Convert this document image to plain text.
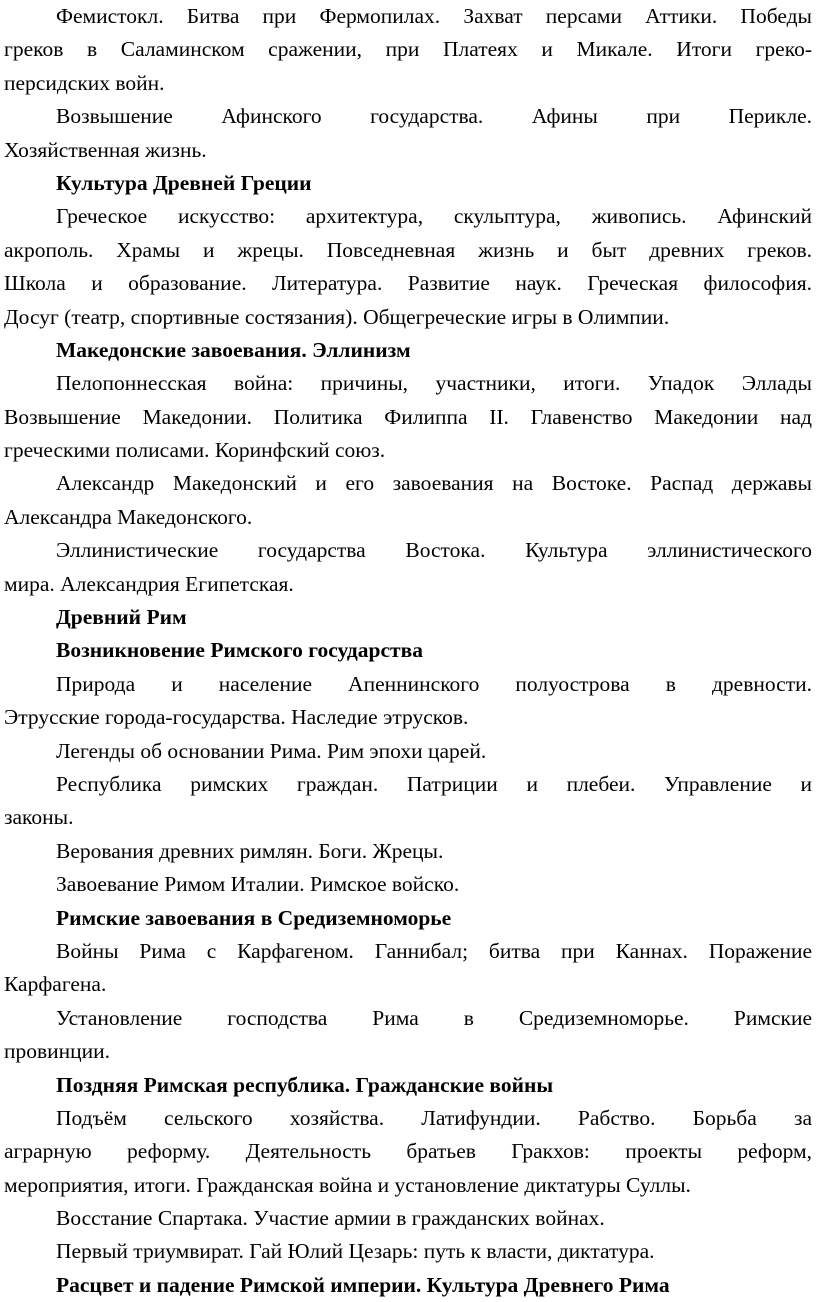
Фемистокл. Битва при Фермопилах. Захват персами Аттики. Победы
греков в Саламинском сражении, при Платеях и Микале. Итоги греко-
персидских войн.
Возвышение Афинского государства. Афины при Перикле.
Хозяйственная жизнь.
Культура Древней Греции
Греческое искусство: архитектура, скульптура, живопись. Афинский
акрополь. Храмы и жрецы. Повседневная жизнь и быт древних греков.
Школа и образование. Литература. Развитие наук. Греческая философия.
Досуг (театр, спортивные состязания). Общегреческие игры в Олимпии.
Македонские завоевания. Эллинизм
Пелопоннесская война: причины, участники, итоги. Упадок Эллады
Возвышение Македонии. Политика Филиппа II. Главенство Македонии над
греческими полисами. Коринфский союз.
Александр Македонский и его завоевания на Востоке. Распад державы
Александра Македонского.
Эллинистические государства Востока. Культура эллинистического
мира. Александрия Египетская.
Древний Рим
Возникновение Римского государства
Природа и население Апеннинского полуострова в древности.
Этрусские города-государства. Наследие этрусков.
Легенды об основании Рима. Рим эпохи царей.
Республика римских граждан. Патриции и плебеи. Управление и
законы.
Верования древних римлян. Боги. Жрецы.
Завоевание Римом Италии. Римское войско.
Римские завоевания в Средиземноморье
Войны Рима с Карфагеном. Ганнибал; битва при Каннах. Поражение
Карфагена.
Установление господства Рима в Средиземноморье. Римские
провинции.
Поздняя Римская республика. Гражданские войны
Подъём сельского хозяйства. Латифундии. Рабство. Борьба за
аграрную реформу. Деятельность братьев Гракхов: проекты реформ,
мероприятия, итоги. Гражданская война и установление диктатуры Суллы.
Восстание Спартака. Участие армии в гражданских войнах.
Первый триумвират. Гай Юлий Цезарь: путь к власти, диктатура.
Расцвет и падение Римской империи. Культура Древнего Рима
